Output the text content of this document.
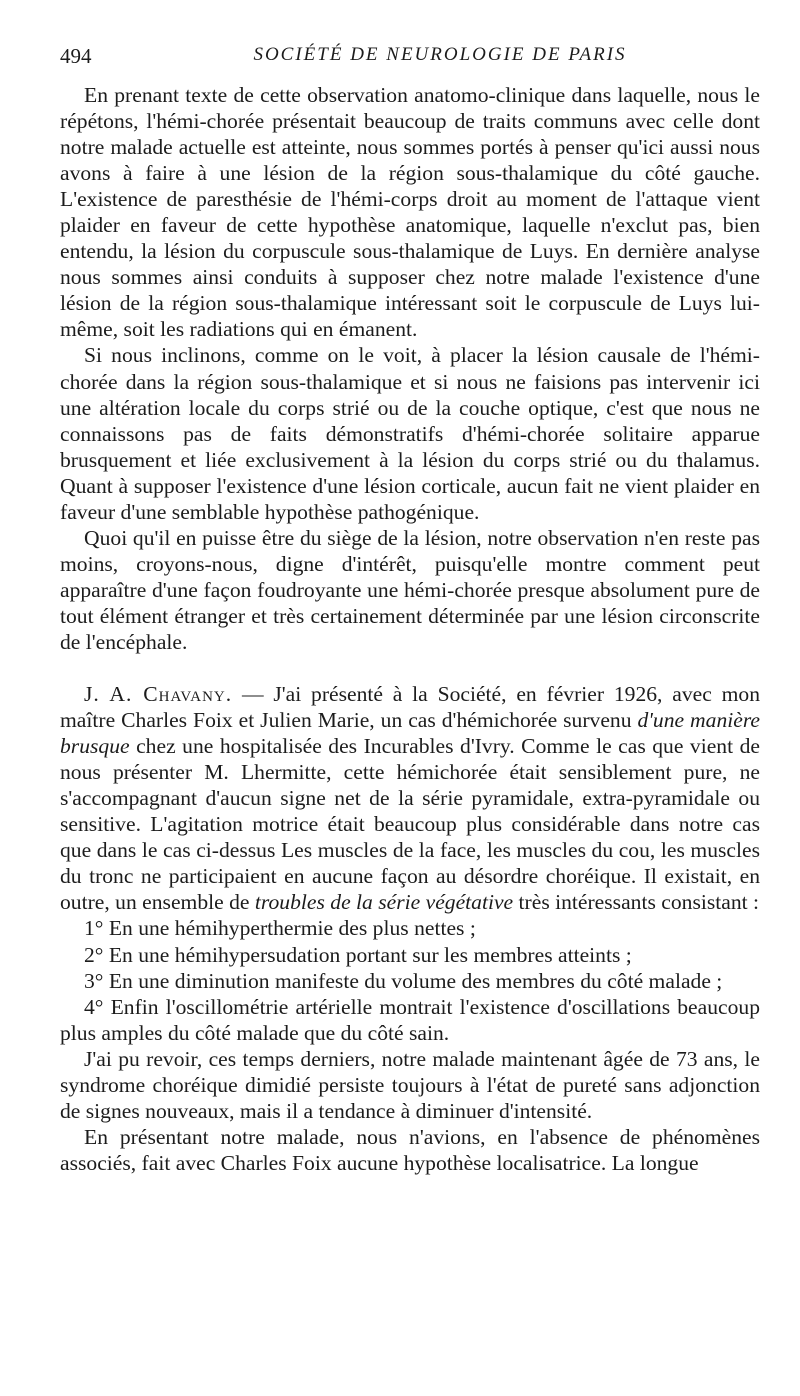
494	SOCIÉTÉ DE NEUROLOGIE DE PARIS

En prenant texte de cette observation anatomo-clinique dans laquelle, nous le répétons, l'hémi-chorée présentait beaucoup de traits communs avec celle dont notre malade actuelle est atteinte, nous sommes portés à penser qu'ici aussi nous avons à faire à une lésion de la région sous-thalamique du côté gauche. L'existence de paresthésie de l'hémi-corps droit au moment de l'attaque vient plaider en faveur de cette hypothèse anatomique, laquelle n'exclut pas, bien entendu, la lésion du corpuscule sous-thalamique de Luys. En dernière analyse nous sommes ainsi conduits à supposer chez notre malade l'existence d'une lésion de la région sous-thalamique intéressant soit le corpuscule de Luys lui-même, soit les radiations qui en émanent.

Si nous inclinons, comme on le voit, à placer la lésion causale de l'hémi-chorée dans la région sous-thalamique et si nous ne faisions pas intervenir ici une altération locale du corps strié ou de la couche optique, c'est que nous ne connaissons pas de faits démonstratifs d'hémi-chorée solitaire apparue brusquement et liée exclusivement à la lésion du corps strié ou du thalamus. Quant à supposer l'existence d'une lésion corticale, aucun fait ne vient plaider en faveur d'une semblable hypothèse pathogénique.

Quoi qu'il en puisse être du siège de la lésion, notre observation n'en reste pas moins, croyons-nous, digne d'intérêt, puisqu'elle montre comment peut apparaître d'une façon foudroyante une hémi-chorée presque absolument pure de tout élément étranger et très certainement déterminée par une lésion circonscrite de l'encéphale.

J. A. Chavany. — J'ai présenté à la Société, en février 1926, avec mon maître Charles Foix et Julien Marie, un cas d'hémichorée survenu d'une manière brusque chez une hospitalisée des Incurables d'Ivry. Comme le cas que vient de nous présenter M. Lhermitte, cette hémichorée était sensiblement pure, ne s'accompagnant d'aucun signe net de la série pyramidale, extra-pyramidale ou sensitive. L'agitation motrice était beaucoup plus considérable dans notre cas que dans le cas ci-dessus Les muscles de la face, les muscles du cou, les muscles du tronc ne participaient en aucune façon au désordre choréique. Il existait, en outre, un ensemble de troubles de la série végétative très intéressants consistant :

1° En une hémihyperthermie des plus nettes ;

2° En une hémihypersudation portant sur les membres atteints ;

3° En une diminution manifeste du volume des membres du côté malade ;

4° Enfin l'oscillométrie artérielle montrait l'existence d'oscillations beaucoup plus amples du côté malade que du côté sain.

J'ai pu revoir, ces temps derniers, notre malade maintenant âgée de 73 ans, le syndrome choréique dimidié persiste toujours à l'état de pureté sans adjonction de signes nouveaux, mais il a tendance à diminuer d'intensité.

En présentant notre malade, nous n'avions, en l'absence de phénomènes associés, fait avec Charles Foix aucune hypothèse localisatrice. La longue
